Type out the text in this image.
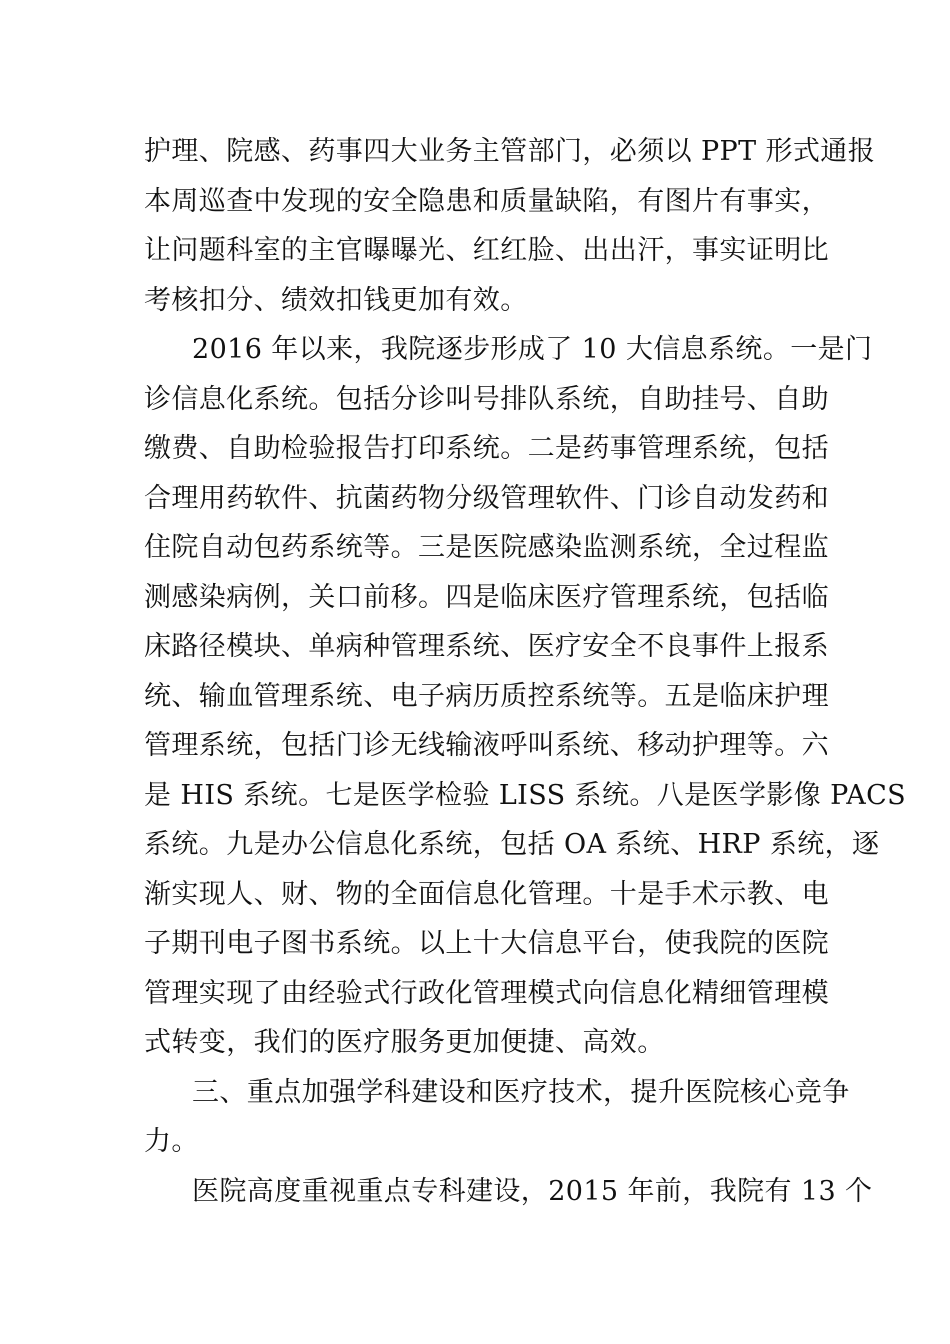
护理、院感、药事四大业务主管部门，必须以 PPT 形式通报
本周巡查中发现的安全隐患和质量缺陷，有图片有事实，
让问题科室的主官曝曝光、红红脸、出出汗，事实证明比
考核扣分、绩效扣钱更加有效。
2016 年以来，我院逐步形成了 10 大信息系统。一是门
诊信息化系统。包括分诊叫号排队系统，自助挂号、自助
缴费、自助检验报告打印系统。二是药事管理系统，包括
合理用药软件、抗菌药物分级管理软件、门诊自动发药和
住院自动包药系统等。三是医院感染监测系统，全过程监
测感染病例，关口前移。四是临床医疗管理系统，包括临
床路径模块、单病种管理系统、医疗安全不良事件上报系
统、输血管理系统、电子病历质控系统等。五是临床护理
管理系统，包括门诊无线输液呼叫系统、移动护理等。六
是 HIS 系统。七是医学检验 LISS 系统。八是医学影像 PACS
系统。九是办公信息化系统，包括 OA 系统、HRP 系统，逐
渐实现人、财、物的全面信息化管理。十是手术示教、电
子期刊电子图书系统。以上十大信息平台，使我院的医院
管理实现了由经验式行政化管理模式向信息化精细管理模
式转变，我们的医疗服务更加便捷、高效。
三、重点加强学科建设和医疗技术，提升医院核心竞争
力。
医院高度重视重点专科建设，2015 年前，我院有 13 个
